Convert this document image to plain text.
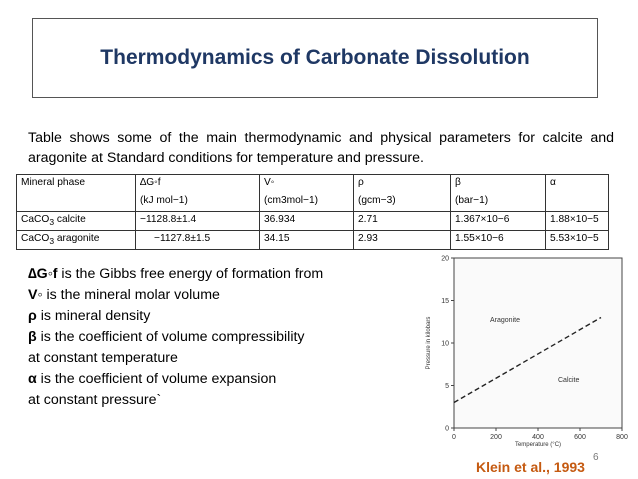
Thermodynamics of Carbonate Dissolution
Table shows some of the main thermodynamic and physical parameters for calcite and aragonite at Standard conditions for temperature and pressure.
Mineral phase	∆G◦f	V◦	ρ	β	α
	(kJ mol−1)	(cm3mol−1)	(gcm−3)	(bar−1)	
CaCO$_3$ calcite	−1128.8±1.4	36.934	2.71	1.367×10−6	1.88×10−5
CaCO$_3$ aragonite	−1127.8±1.5	34.15	2.93	1.55×10−6	5.53×10−5
∆G◦f is the Gibbs free energy of formation from
V◦ is the mineral molar volume
ρ is mineral density
β is the coefficient of volume compressibility
at constant temperature
α is the coefficient of volume expansion
at constant pressure`
0
5
10
15
20
0	200	400	600	800
Pressure in kilobars
Temperature (°C)
Aragonite
Calcite
Klein et al., 1993
6
